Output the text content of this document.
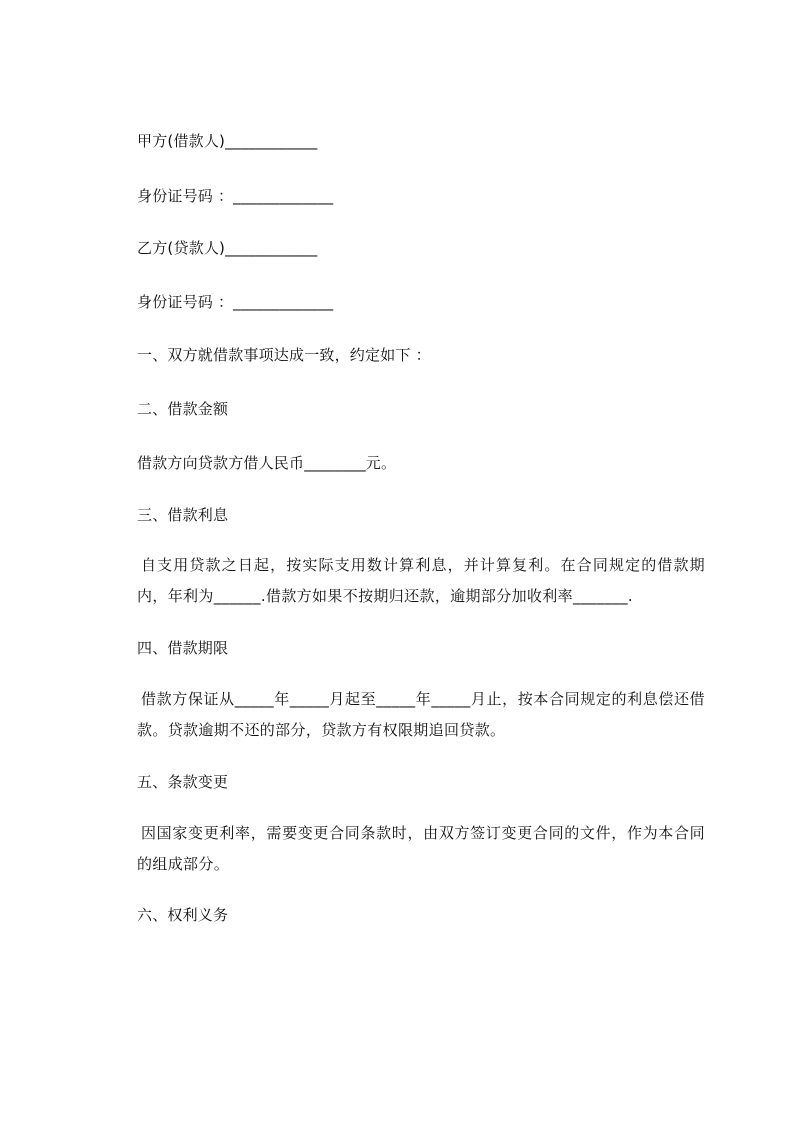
甲方(借款人)____________
身份证号码 ：_____________
乙方(贷款人)____________
身份证号码 ：_____________
一、双方就借款事项达成一致，约定如下 ：
二、借款金额
借款方向贷款方借人民币________元。
三、借款利息
自支用贷款之日起，按实际支用数计算利息，并计算复利。在合同规定的借款期内，年利为______.借款方如果不按期归还款，逾期部分加收利率_______.
四、借款期限
借款方保证从_____年_____月起至_____年_____月止，按本合同规定的利息偿还借款。贷款逾期不还的部分，贷款方有权限期追回贷款。
五、条款变更
因国家变更利率，需要变更合同条款时，由双方签订变更合同的文件，作为本合同的组成部分。
六、权利义务
